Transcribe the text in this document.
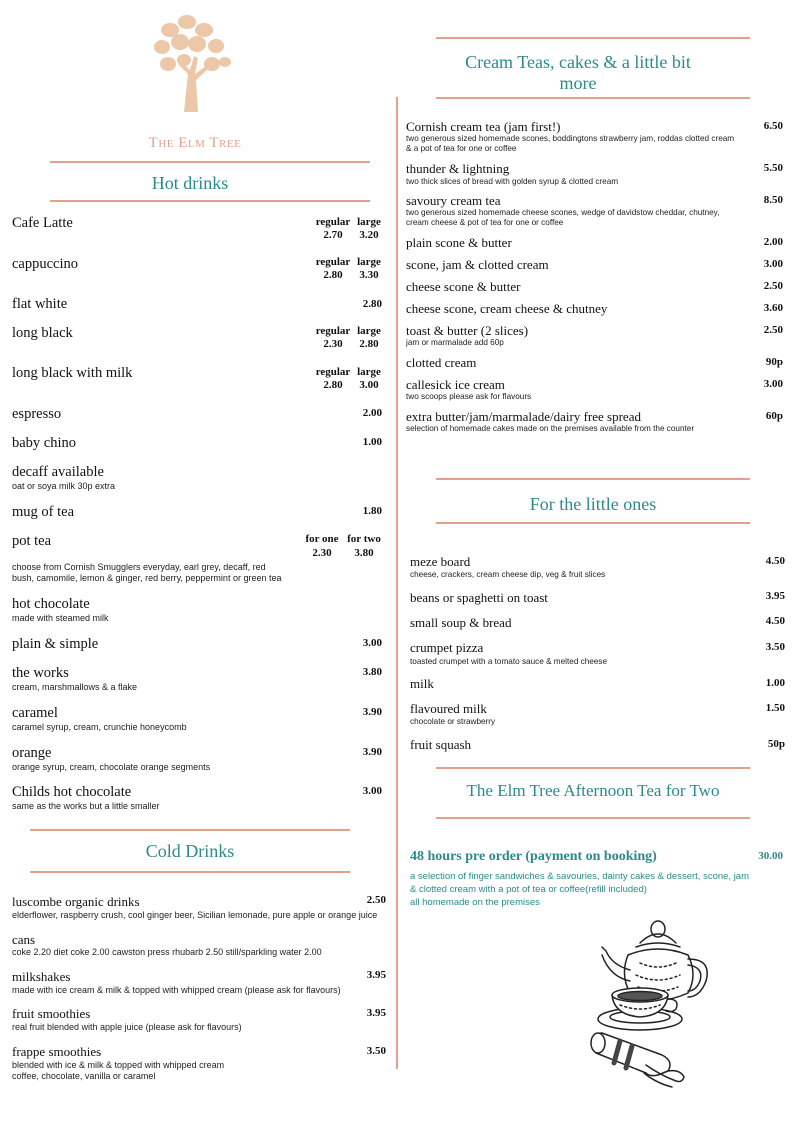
The Elm Tree
Hot drinks
Cafe Latte	regular large
2.70	3.20
cappuccino	regular large
2.80	3.30
flat white	2.80
long black	regular large
2.30	2.80
long black with milk	regular large
2.80	3.00
espresso	2.00
baby chino	1.00
decaff available
oat or soya milk 30p extra
mug of tea	1.80
pot tea	for one for two
2.30	3.80
choose from Cornish Smugglers everyday, earl grey, decaff, red
bush, camomile, lemon & ginger, red berry, peppermint or green tea
hot chocolate
made with steamed milk
plain & simple	3.00
the works	3.80
cream, marshmallows & a flake
caramel	3.90
caramel syrup, cream, crunchie honeycomb
orange	3.90
orange syrup, cream, chocolate orange segments
Childs hot chocolate	3.00
same as the works but a little smaller
Cold Drinks
luscombe organic drinks	2.50
elderflower, raspberry crush, cool ginger beer, Sicilian lemonade, pure apple or orange juice
cans
coke 2.20 diet coke 2.00 cawston press rhubarb 2.50 still/sparkling water 2.00
milkshakes	3.95
made with ice cream & milk & topped with whipped cream (please ask for flavours)
fruit smoothies	3.95
real fruit blended with apple juice (please ask for flavours)
frappe smoothies	3.50
blended with ice & milk & topped with whipped cream
coffee, chocolate, vanilla or caramel
Cream Teas, cakes & a little bit
more
Cornish cream tea (jam first!)	6.50
two generous sized homemade scones, boddingtons strawberry jam, roddas clotted cream
& a pot of tea for one or coffee
thunder & lightning	5.50
two thick slices of bread with golden syrup & clotted cream
savoury cream tea	8.50
two generous sized homemade cheese scones, wedge of davidstow cheddar, chutney,
cream cheese & pot of tea for one or coffee
plain scone & butter	2.00
scone, jam & clotted cream	3.00
cheese scone & butter	2.50
cheese scone, cream cheese & chutney	3.60
toast & butter (2 slices)	2.50
jam or marmalade add 60p
clotted cream	90p
callesick ice cream	3.00
two scoops please ask for flavours
extra butter/jam/marmalade/dairy free spread	60p
selection of homemade cakes made on the premises available from the counter
For the little ones
meze board	4.50
cheese, crackers, cream cheese dip, veg & fruit slices
beans or spaghetti on toast	3.95
small soup & bread	4.50
crumpet pizza	3.50
toasted crumpet with a tomato sauce & melted cheese
milk	1.00
flavoured milk	1.50
chocolate or strawberry
fruit squash	50p
The Elm Tree Afternoon Tea for Two
48 hours pre order (payment on booking)	30.00
a selection of finger sandwiches & savouries, dainty cakes & dessert, scone, jam
& clotted cream with a pot of tea or coffee(refill included)
all homemade on the premises
